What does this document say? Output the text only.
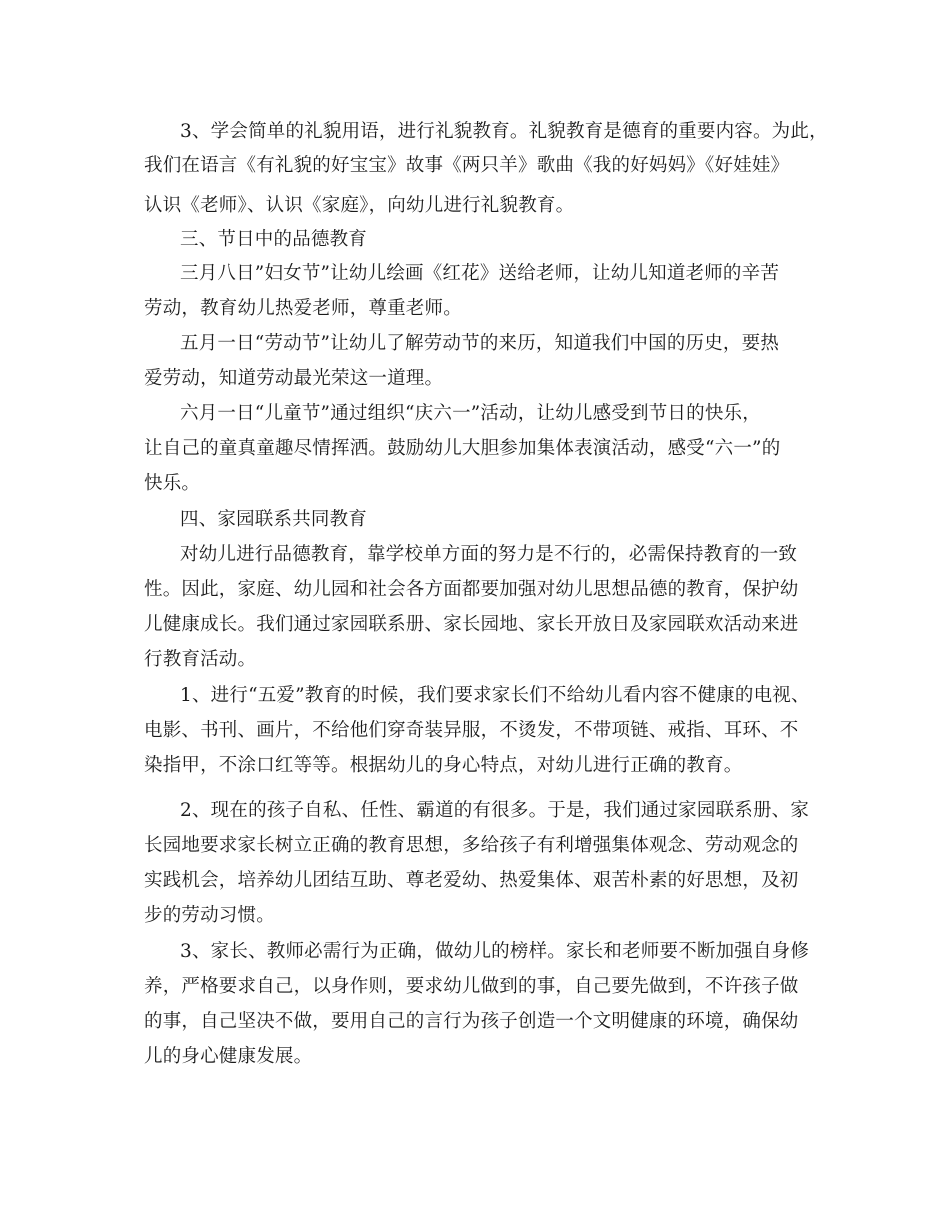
3、学会简单的礼貌用语，进行礼貌教育。礼貌教育是德育的重要内容。为此，
我们在语言《有礼貌的好宝宝》故事《两只羊》歌曲《我的好妈妈》《好娃娃》
认识《老师》、认识《家庭》，向幼儿进行礼貌教育。
三、节日中的品德教育
三月八日”妇女节”让幼儿绘画《红花》送给老师，让幼儿知道老师的辛苦
劳动，教育幼儿热爱老师，尊重老师。
五月一日“劳动节”让幼儿了解劳动节的来历，知道我们中国的历史，要热
爱劳动，知道劳动最光荣这一道理。
六月一日“儿童节”通过组织“庆六一”活动，让幼儿感受到节日的快乐，
让自己的童真童趣尽情挥洒。鼓励幼儿大胆参加集体表演活动，感受“六一”的
快乐。
四、家园联系共同教育
对幼儿进行品德教育，靠学校单方面的努力是不行的，必需保持教育的一致
性。因此，家庭、幼儿园和社会各方面都要加强对幼儿思想品德的教育，保护幼
儿健康成长。我们通过家园联系册、家长园地、家长开放日及家园联欢活动来进
行教育活动。
1、进行“五爱”教育的时候，我们要求家长们不给幼儿看内容不健康的电视、
电影、书刊、画片，不给他们穿奇装异服，不烫发，不带项链、戒指、耳环、不
染指甲，不涂口红等等。根据幼儿的身心特点，对幼儿进行正确的教育。
2、现在的孩子自私、任性、霸道的有很多。于是，我们通过家园联系册、家
长园地要求家长树立正确的教育思想，多给孩子有利增强集体观念、劳动观念的
实践机会，培养幼儿团结互助、尊老爱幼、热爱集体、艰苦朴素的好思想，及初
步的劳动习惯。
3、家长、教师必需行为正确，做幼儿的榜样。家长和老师要不断加强自身修
养，严格要求自己，以身作则，要求幼儿做到的事，自己要先做到，不许孩子做
的事，自己坚决不做，要用自己的言行为孩子创造一个文明健康的环境，确保幼
儿的身心健康发展。
